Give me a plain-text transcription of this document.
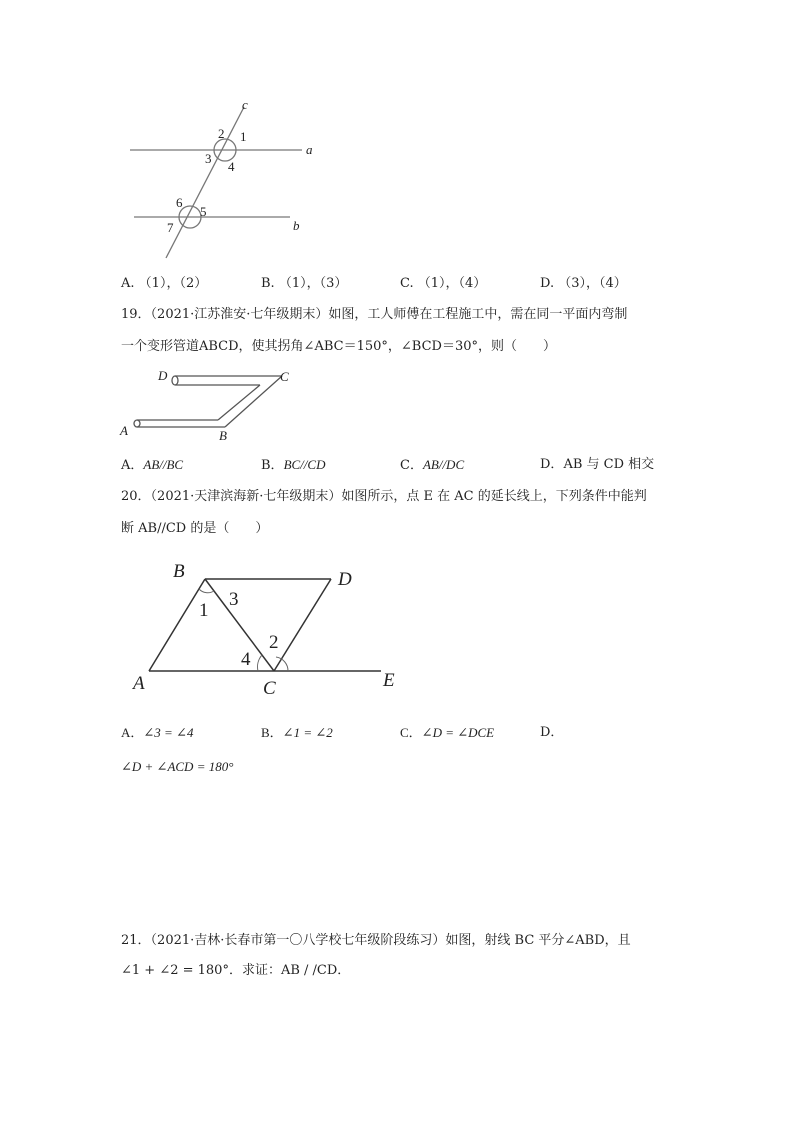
c
a
b
1
2
3
4
5
6
7
A. （1），（2）	B. （1），（3）	C. （1），（4）	D. （3），（4）
19．（2021·江苏淮安·七年级期末）如图，工人师傅在工程施工中，需在同一平面内弯制
一个变形管道ABCD，使其拐角∠ABC＝150°，∠BCD＝30°，则（　　）
D	C
A	B
A．AB//BC	B．BC//CD	C．AB//DC	D．AB 与 CD 相交
20．（2021·天津滨海新·七年级期末）如图所示，点 E 在 AC 的延长线上，下列条件中能判
断 AB//CD 的是（　　）
B	D
A	C	E
1
3
2
4
A．∠3 = ∠4	B．∠1 = ∠2	C．∠D = ∠DCE	D．
∠D + ∠ACD = 180°
21．（2021·吉林·长春市第一〇八学校七年级阶段练习）如图，射线 BC 平分∠ABD，且
∠1 + ∠2 = 180°．求证：AB / /CD．
